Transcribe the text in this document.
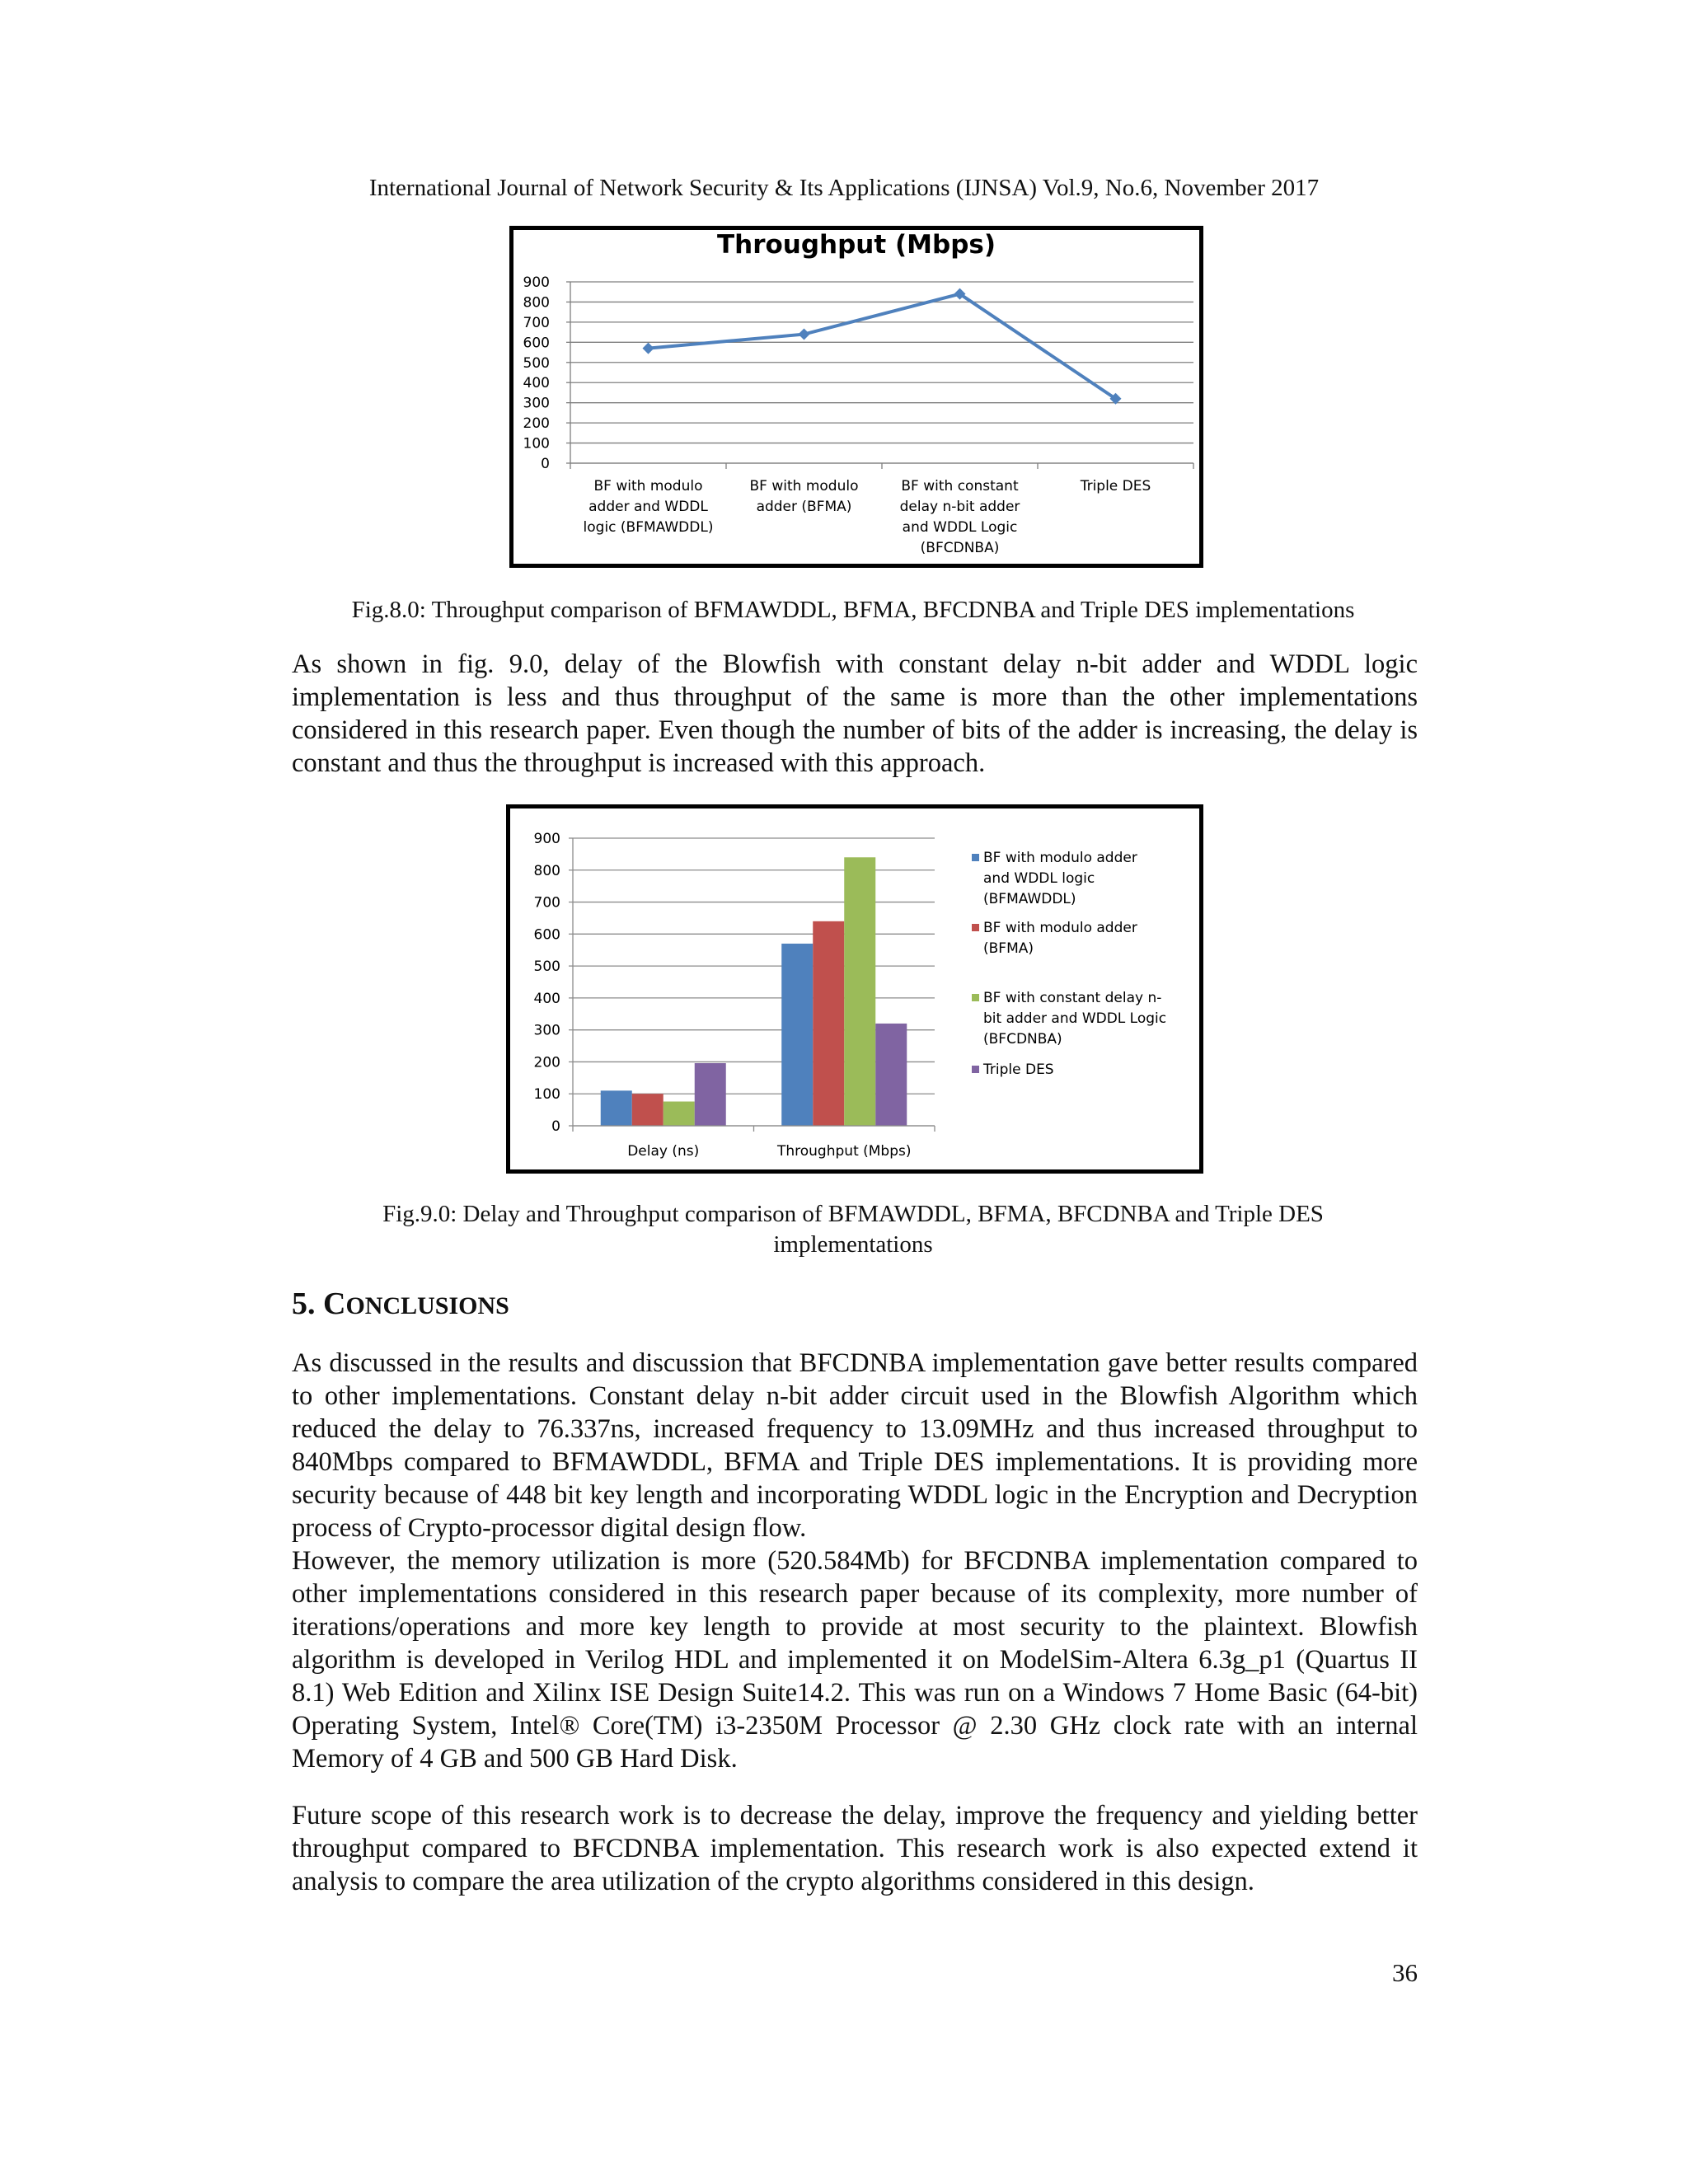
International Journal of Network Security & Its Applications (IJNSA) Vol.9, No.6, November 2017
Throughput (Mbps)
0
100
200
300
400
500
600
700
800
900
BF with modulo adder and WDDL logic (BFMAWDDL)
BF with modulo adder (BFMA)
BF with constant delay n-bit adder and WDDL Logic (BFCDNBA)
Triple DES
Fig.8.0: Throughput comparison of BFMAWDDL, BFMA, BFCDNBA and Triple DES implementations

As shown in fig. 9.0, delay of the Blowfish with constant delay n-bit adder and WDDL logic implementation is less and thus throughput of the same is more than the other implementations considered in this research paper. Even though the number of bits of the adder is increasing, the delay is constant and thus the throughput is increased with this approach.

0
100
200
300
400
500
600
700
800
900
Delay (ns)	Throughput (Mbps)
BF with modulo adder and WDDL logic (BFMAWDDL)
BF with modulo adder (BFMA)
BF with constant delay n-bit adder and WDDL Logic (BFCDNBA)
Triple DES
Fig.9.0: Delay and Throughput comparison of BFMAWDDL, BFMA, BFCDNBA and Triple DES
implementations
5. CONCLUSIONS

As discussed in the results and discussion that BFCDNBA implementation gave better results compared to other implementations. Constant delay n-bit adder circuit used in the Blowfish Algorithm which reduced the delay to 76.337ns, increased frequency to 13.09MHz and thus increased throughput to 840Mbps compared to BFMAWDDL, BFMA and Triple DES implementations. It is providing more security because of 448 bit key length and incorporating WDDL logic in the Encryption and Decryption process of Crypto-processor digital design flow.

However, the memory utilization is more (520.584Mb) for BFCDNBA implementation compared to other implementations considered in this research paper because of its complexity, more number of iterations/operations and more key length to provide at most security to the plaintext. Blowfish algorithm is developed in Verilog HDL and implemented it on ModelSim-Altera 6.3g_p1 (Quartus II 8.1) Web Edition and Xilinx ISE Design Suite14.2. This was run on a Windows 7 Home Basic (64-bit) Operating System, Intel® Core(TM) i3-2350M Processor @ 2.30 GHz clock rate with an internal Memory of 4 GB and 500 GB Hard Disk.

Future scope of this research work is to decrease the delay, improve the frequency and yielding better throughput compared to BFCDNBA implementation. This research work is also expected extend it analysis to compare the area utilization of the crypto algorithms considered in this design.

36
